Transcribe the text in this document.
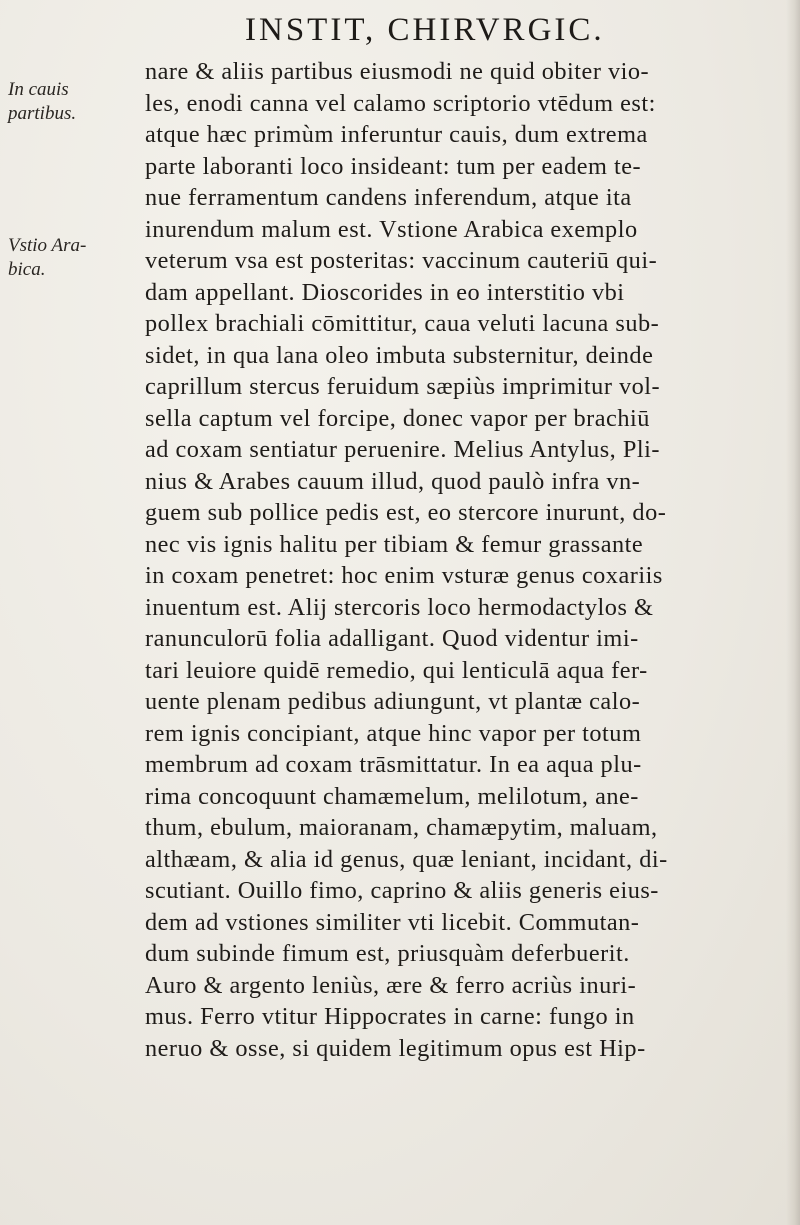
INSTIT, CHIRVRGIC.
In cauis
partibus.
Vstio Ara-
bica.
nare & aliis partibus eiusmodi ne quid obiter vio-
les, enodi canna vel calamo scriptorio vtēdum est:
atque hæc primùm inferuntur cauis, dum extrema
parte laboranti loco insideant: tum per eadem te-
nue ferramentum candens inferendum, atque ita
inurendum malum est. Vstione Arabica exemplo
veterum vsa est posteritas: vaccinum cauteriū qui-
dam appellant. Dioscorides in eo interstitio vbi
pollex brachiali cōmittitur, caua veluti lacuna sub-
sidet, in qua lana oleo imbuta substernitur, deinde
caprillum stercus feruidum sæpiùs imprimitur vol-
sella captum vel forcipe, donec vapor per brachiū
ad coxam sentiatur peruenire. Melius Antylus, Pli-
nius & Arabes cauum illud, quod paulò infra vn-
guem sub pollice pedis est, eo stercore inurunt, do-
nec vis ignis halitu per tibiam & femur grassante
in coxam penetret: hoc enim vsturæ genus coxariis
inuentum est. Alij stercoris loco hermodactylos &
ranunculorū folia adalligant. Quod videntur imi-
tari leuiore quidē remedio, qui lenticulā aqua fer-
uente plenam pedibus adiungunt, vt plantæ calo-
rem ignis concipiant, atque hinc vapor per totum
membrum ad coxam trāsmittatur. In ea aqua plu-
rima concoquunt chamæmelum, melilotum, ane-
thum, ebulum, maioranam, chamæpytim, maluam,
althæam, & alia id genus, quæ leniant, incidant, di-
scutiant. Ouillo fimo, caprino & aliis generis eius-
dem ad vstiones similiter vti licebit. Commutan-
dum subinde fimum est, priusquàm deferbuerit.
Auro & argento leniùs, ære & ferro acriùs inuri-
mus. Ferro vtitur Hippocrates in carne: fungo in
neruo & osse, si quidem legitimum opus est Hip-
